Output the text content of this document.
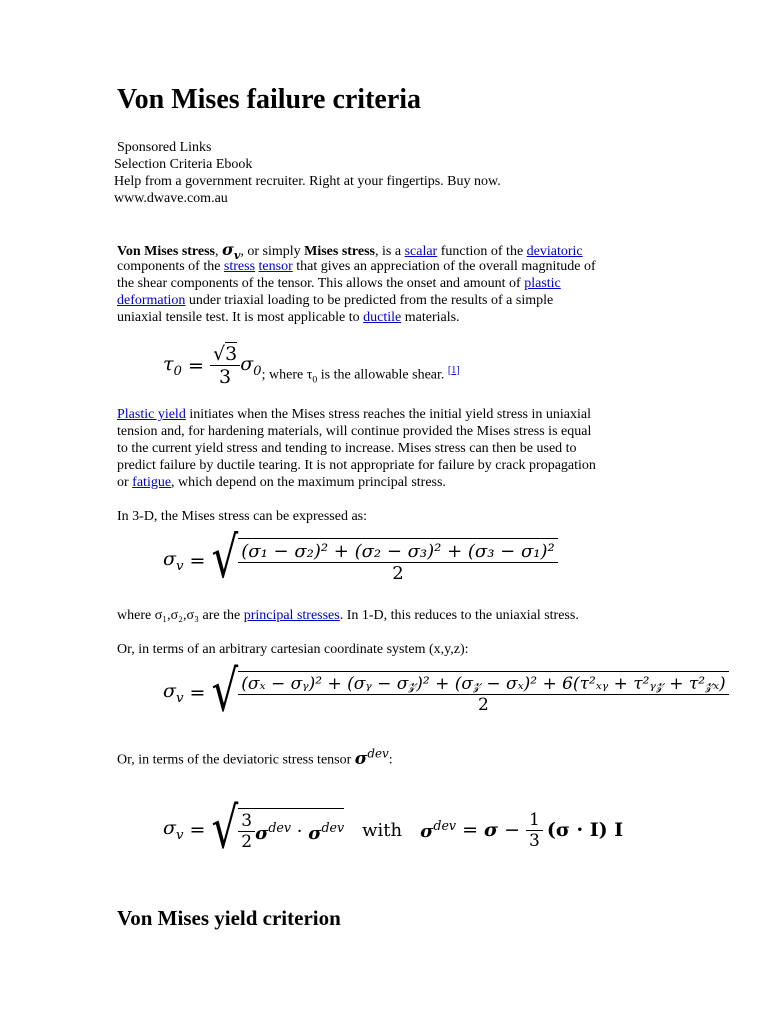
Von Mises failure criteria
Sponsored Links
Selection Criteria Ebook
Help from a government recruiter. Right at your fingertips. Buy now.
www.dwave.com.au
Von Mises stress, $\sigma_v$, or simply Mises stress, is a scalar function of the deviatoric
components of the stress tensor that gives an appreciation of the overall magnitude of
the shear components of the tensor. This allows the onset and amount of plastic
deformation under triaxial loading to be predicted from the results of a simple
uniaxial tensile test. It is most applicable to ductile materials.
$\tau_0 = \frac{√3}{3} \sigma_0$ ; where $\tau_0$ is the allowable shear. [1]
Plastic yield initiates when the Mises stress reaches the initial yield stress in uniaxial
tension and, for hardening materials, will continue provided the Mises stress is equal
to the current yield stress and tending to increase. Mises stress can then be used to
predict failure by ductile tearing. It is not appropriate for failure by crack propagation
or fatigue, which depend on the maximum principal stress.
In 3-D, the Mises stress can be expressed as:
$\sigma_v$ = √ $\frac{\text{(σ₁ − σ₂)² + (σ₂ − σ₃)² + (σ₃ − σ₁)²}}{2}$
where σ₁,σ₂,σ₃ are the principal stresses. In 1-D, this reduces to the uniaxial stress.
Or, in terms of an arbitrary cartesian coordinate system (x,y,z):
$\sigma_v$ = √ (σₓ − σᵧ)² + (σᵧ − σ𝓏)² + (σ𝓏 − σₓ)² + 6(τ²ₓᵧ + τ²ᵧ𝓏 + τ²𝓏ₓ)
2
Or, in terms of the deviatoric stress tensor $\sigma^{dev}$:
$\sigma_v$ = √ $\frac{3}{2} \sigma^{dev} \cdot \sigma^{dev}$ with $\sigma^{dev} = \sigma - \frac{1}{3} (\sigma \cdot I)$ I
Von Mises yield criterion
